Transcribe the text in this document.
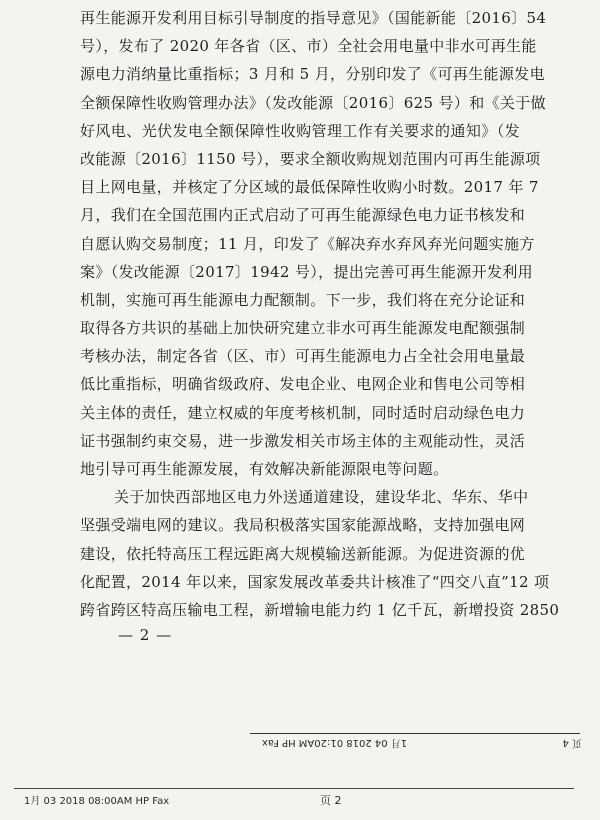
再生能源开发利用目标引导制度的指导意见》（国能新能〔2016〕54
号），发布了 2020 年各省（区、市）全社会用电量中非水可再生能
源电力消纳量比重指标；3 月和 5 月，分别印发了《可再生能源发电
全额保障性收购管理办法》（发改能源〔2016〕625 号）和《关于做
好风电、光伏发电全额保障性收购管理工作有关要求的通知》（发
改能源〔2016〕1150 号），要求全额收购规划范围内可再生能源项
目上网电量，并核定了分区域的最低保障性收购小时数。2017 年 7
月，我们在全国范围内正式启动了可再生能源绿色电力证书核发和
自愿认购交易制度；11 月，印发了《解决弃水弃风弃光问题实施方
案》（发改能源〔2017〕1942 号），提出完善可再生能源开发利用
机制，实施可再生能源电力配额制。下一步，我们将在充分论证和
取得各方共识的基础上加快研究建立非水可再生能源发电配额强制
考核办法，制定各省（区、市）可再生能源电力占全社会用电量最
低比重指标，明确省级政府、发电企业、电网企业和售电公司等相
关主体的责任，建立权威的年度考核机制，同时适时启动绿色电力
证书强制约束交易，进一步激发相关市场主体的主观能动性，灵活
地引导可再生能源发展，有效解决新能源限电等问题。
关于加快西部地区电力外送通道建设，建设华北、华东、华中
坚强受端电网的建议。我局积极落实国家能源战略，支持加强电网
建设，依托特高压工程远距离大规模输送新能源。为促进资源的优
化配置，2014 年以来，国家发展改革委共计核准了“四交八直”12 项
跨省跨区特高压输电工程，新增输电能力约 1 亿千瓦，新增投资 2850
— 2 —
页 4
1月 04 2018 01:20AM HP Fax
1月 03 2018 08:00AM HP Fax	页 2
